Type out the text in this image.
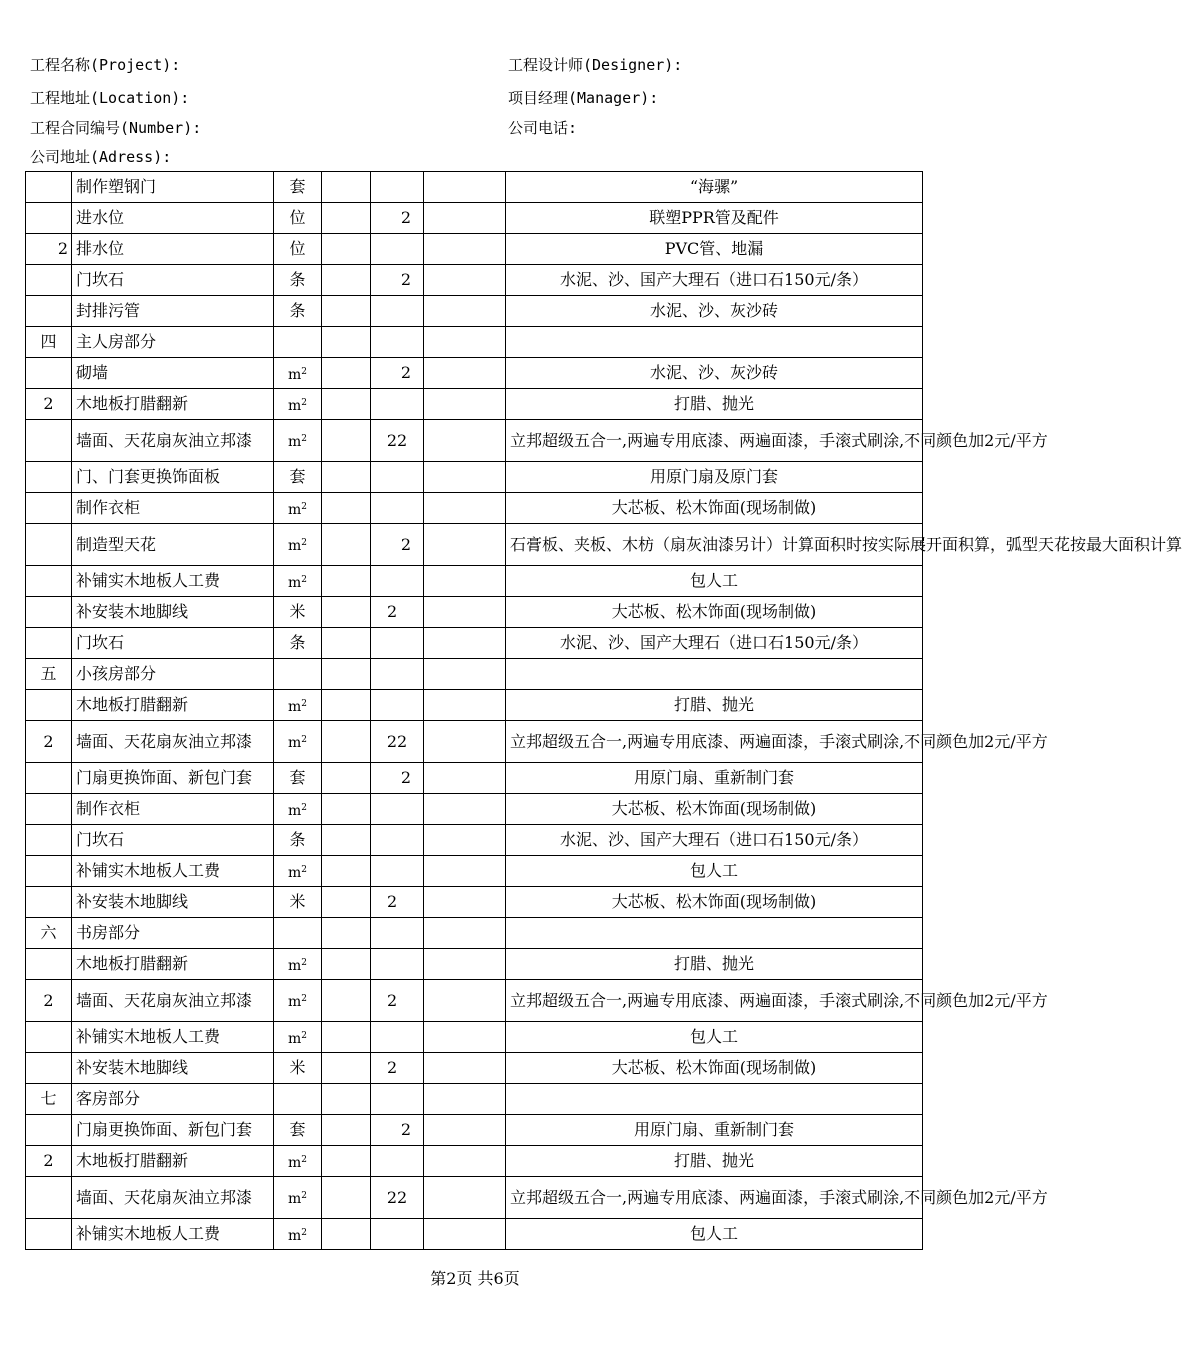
工程名称(Project):
工程地址(Location):
工程合同编号(Number):
公司地址(Adress):
工程设计师(Designer):
项目经理(Manager):
公司电话:
	制作塑钢门	套				“海骡”
	进水位	位		2		联塑PPR管及配件
2	排水位	位				PVC管、地漏
	门坎石	条		2		水泥、沙、国产大理石（进口石150元/条）
	封排污管	条				水泥、沙、灰沙砖
四	主人房部分					
	砌墙	$m^2$		2		水泥、沙、灰沙砖
2	木地板打腊翻新	$m^2$				打腊、抛光
	墙面、天花扇灰油立邦漆	$m^2$		22		立邦超级五合一,两遍专用底漆、两遍面漆，手滚式刷涂,不同颜色加2元/平方
	门、门套更换饰面板	套				用原门扇及原门套
	制作衣柜	$m^2$				大芯板、松木饰面(现场制做)
	制造型天花	$m^2$		2		石膏板、夹板、木枋（扇灰油漆另计）计算面积时按实际展开面积算，弧型天花按最大面积计算
	补铺实木地板人工费	$m^2$				包人工
	补安装木地脚线	米		2		大芯板、松木饰面(现场制做)
	门坎石	条				水泥、沙、国产大理石（进口石150元/条）
五	小孩房部分					
	木地板打腊翻新	$m^2$				打腊、抛光
2	墙面、天花扇灰油立邦漆	$m^2$		22		立邦超级五合一,两遍专用底漆、两遍面漆，手滚式刷涂,不同颜色加2元/平方
	门扇更换饰面、新包门套	套		2		用原门扇、重新制门套
	制作衣柜	$m^2$				大芯板、松木饰面(现场制做)
	门坎石	条				水泥、沙、国产大理石（进口石150元/条）
	补铺实木地板人工费	$m^2$				包人工
	补安装木地脚线	米		2		大芯板、松木饰面(现场制做)
六	书房部分					
	木地板打腊翻新	$m^2$				打腊、抛光
2	墙面、天花扇灰油立邦漆	$m^2$		2		立邦超级五合一,两遍专用底漆、两遍面漆，手滚式刷涂,不同颜色加2元/平方
	补铺实木地板人工费	$m^2$				包人工
	补安装木地脚线	米		2		大芯板、松木饰面(现场制做)
七	客房部分					
	门扇更换饰面、新包门套	套		2		用原门扇、重新制门套
2	木地板打腊翻新	$m^2$				打腊、抛光
	墙面、天花扇灰油立邦漆	$m^2$		22		立邦超级五合一,两遍专用底漆、两遍面漆，手滚式刷涂,不同颜色加2元/平方
	补铺实木地板人工费	$m^2$				包人工
第2页 共6页
